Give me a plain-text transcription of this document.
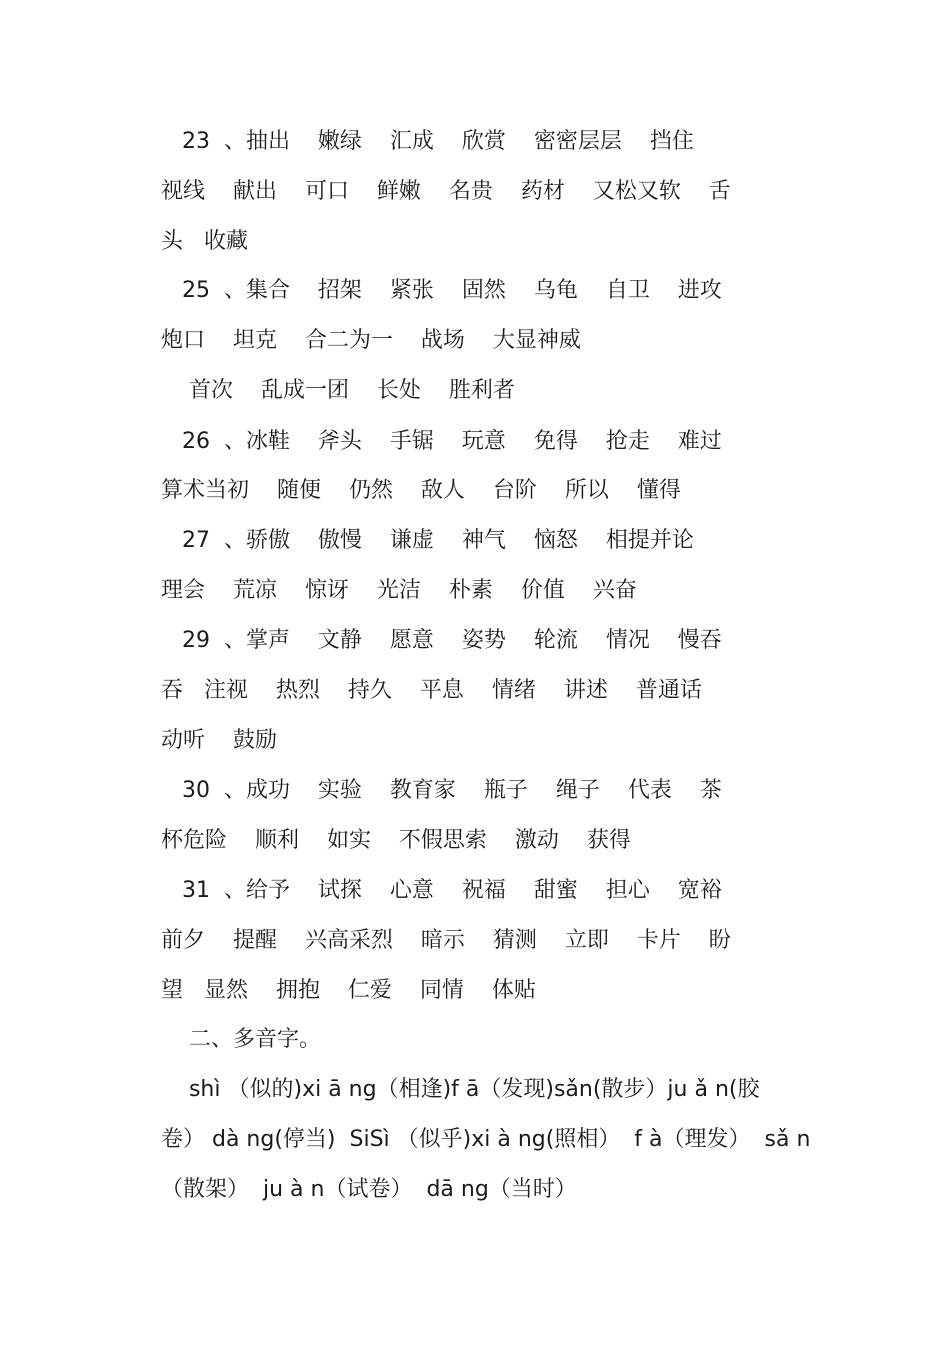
23  、抽出    嫩绿    汇成    欣赏    密密层层    挡住
视线    献出    可口    鲜嫩    名贵    药材    又松又软    舌
头   收藏
25  、集合    招架    紧张    固然    乌龟    自卫    进攻
炮口    坦克    合二为一    战场    大显神威
首次    乱成一团    长处    胜利者
26  、冰鞋    斧头    手锯    玩意    免得    抢走    难过
算术当初    随便    仍然    敌人    台阶    所以    懂得
27  、骄傲    傲慢    谦虚    神气    恼怒    相提并论
理会    荒凉    惊讶    光洁    朴素    价值    兴奋
29  、掌声    文静    愿意    姿势    轮流    情况    慢吞
吞   注视    热烈    持久    平息    情绪    讲述    普通话
动听    鼓励
30  、成功    实验    教育家    瓶子    绳子    代表    茶
杯危险    顺利    如实    不假思索    激动    获得
31  、给予    试探    心意    祝福    甜蜜    担心    宽裕
前夕    提醒    兴高采烈    暗示    猜测    立即    卡片    盼
望   显然    拥抱    仁爱    同情    体贴
二、多音字。
shì （似的)xi ā ng（相逢)f ā（发现)sǎn(散步）ju ǎ n(胶
卷） dà ng(停当)  SiSì （似乎)xi à ng(照相）  f à（理发）  sǎ n
（散架）  ju à n（试卷）  dā ng（当时）
